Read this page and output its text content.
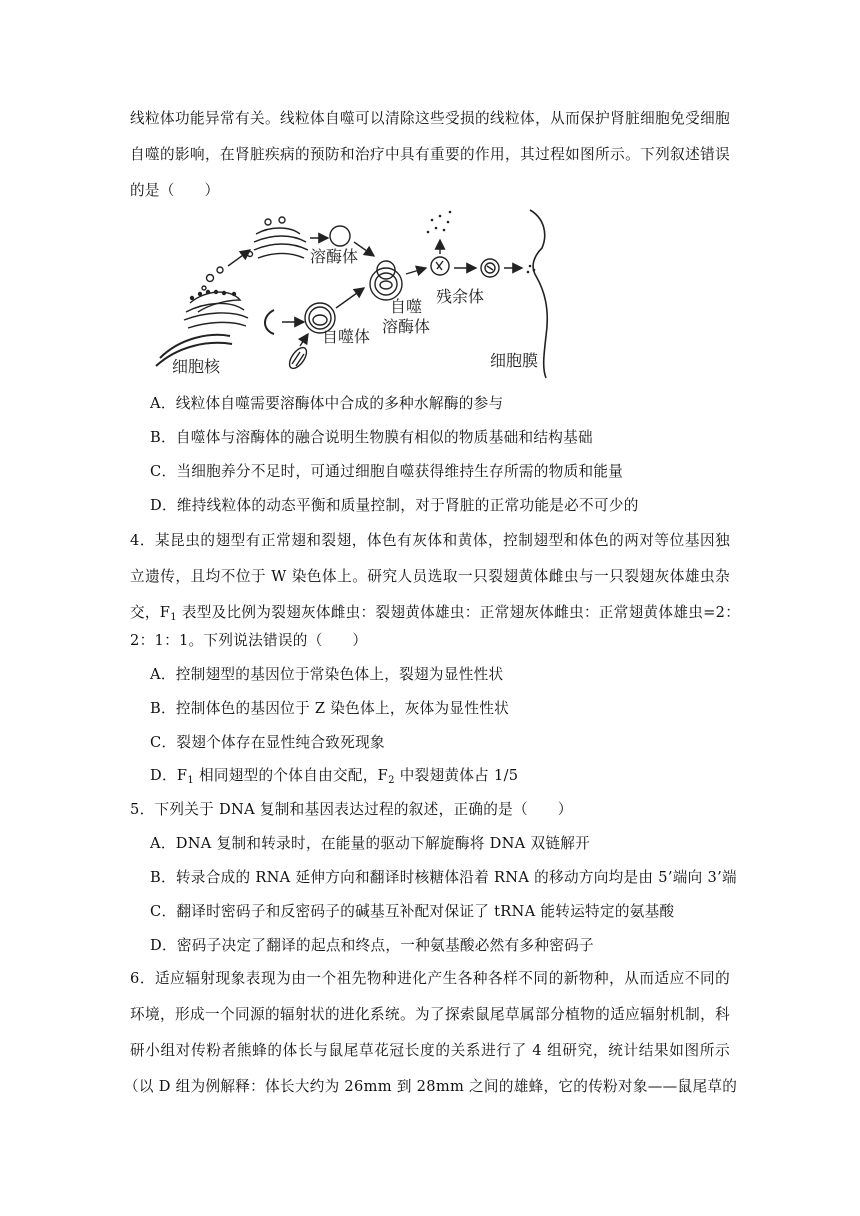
线粒体功能异常有关。线粒体自噬可以清除这些受损的线粒体，从而保护肾脏细胞免受细胞
自噬的影响，在肾脏疾病的预防和治疗中具有重要的作用，其过程如图所示。下列叙述错误
的是（　　）
溶酶体
细胞核
自噬体
自噬
溶酶体
残余体
细胞膜
A．线粒体自噬需要溶酶体中合成的多种水解酶的参与
B．自噬体与溶酶体的融合说明生物膜有相似的物质基础和结构基础
C．当细胞养分不足时，可通过细胞自噬获得维持生存所需的物质和能量
D．维持线粒体的动态平衡和质量控制，对于肾脏的正常功能是必不可少的
4．某昆虫的翅型有正常翅和裂翅，体色有灰体和黄体，控制翅型和体色的两对等位基因独
立遗传，且均不位于 W 染色体上。研究人员选取一只裂翅黄体雌虫与一只裂翅灰体雄虫杂
交，$F_1$ 表型及比例为裂翅灰体雌虫：裂翅黄体雄虫：正常翅灰体雌虫：正常翅黄体雄虫=2：
2：1：1。下列说法错误的（　　）
A．控制翅型的基因位于常染色体上，裂翅为显性性状
B．控制体色的基因位于 Z 染色体上，灰体为显性性状
C．裂翅个体存在显性纯合致死现象
D．$F_1$ 相同翅型的个体自由交配，$F_2$ 中裂翅黄体占 1/5
5．下列关于 DNA 复制和基因表达过程的叙述，正确的是（　　）
A．DNA 复制和转录时，在能量的驱动下解旋酶将 DNA 双链解开
B．转录合成的 RNA 延伸方向和翻译时核糖体沿着 RNA 的移动方向均是由 5’端向 3’端
C．翻译时密码子和反密码子的碱基互补配对保证了 tRNA 能转运特定的氨基酸
D．密码子决定了翻译的起点和终点，一种氨基酸必然有多种密码子
6．适应辐射现象表现为由一个祖先物种进化产生各种各样不同的新物种，从而适应不同的
环境，形成一个同源的辐射状的进化系统。为了探索鼠尾草属部分植物的适应辐射机制，科
研小组对传粉者熊蜂的体长与鼠尾草花冠长度的关系进行了 4 组研究，统计结果如图所示
（以 D 组为例解释：体长大约为 26mm 到 28mm 之间的雄蜂，它的传粉对象——鼠尾草的
